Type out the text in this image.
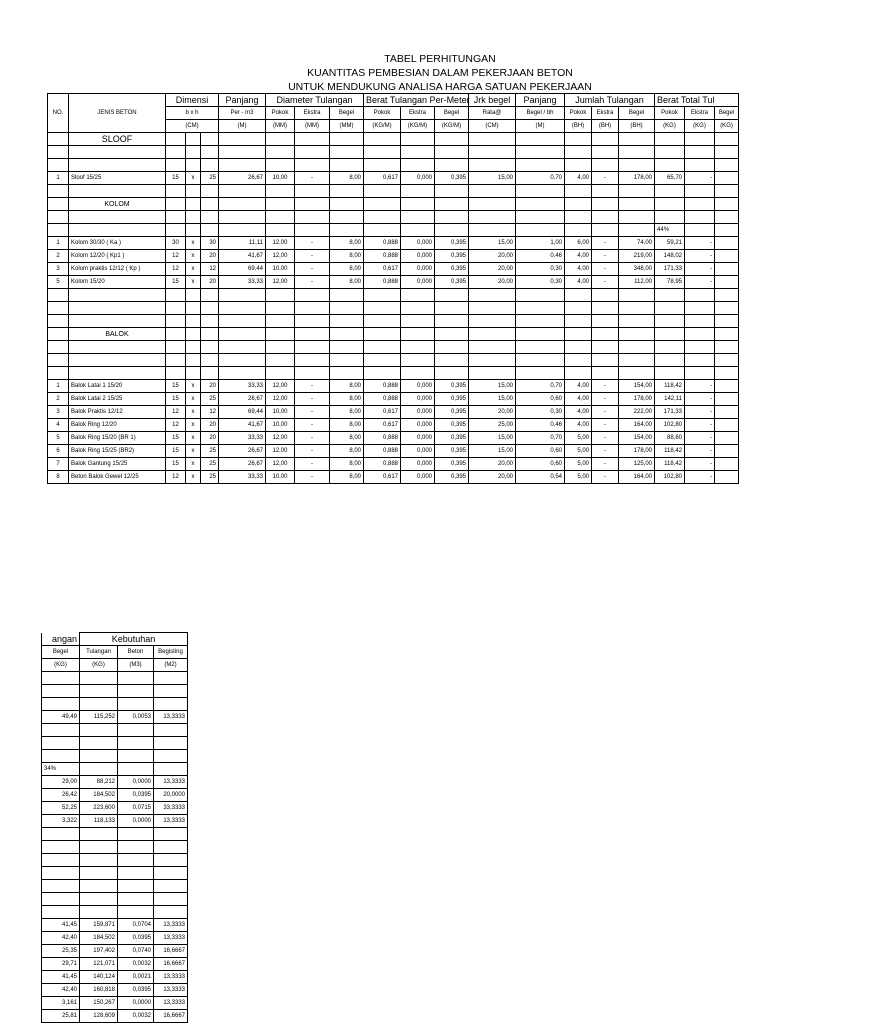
TABEL PERHITUNGAN
KUANTITAS PEMBESIAN DALAM PEKERJAAN BETON
UNTUK MENDUKUNG ANALISA HARGA SATUAN PEKERJAAN
NO.	JENIS BETON	Dimensi			Panjang	Diameter Tulangan			Berat Tulangan Per-Meter			Jrk begel	Panjang	Jumlah Tulangan			Berat Total Tul		
		b x h			Per - m3	Pokok	Ekstra	Begel	Pokok	Ekstra	Begel	Rata@	Begel / bh	Pokok	Ekstra	Begel	Pokok	Ekstra	Begel
		(CM)			(M)	(MM)	(MM)	(MM)	(KG/M)	(KG/M)	(KG/M)	(CM)	(M)	(BH)	(BH)	(BH)	(KG)	(KG)	(KG)
	SLOOF																		

1	Sloof 15/25	15	x	25	26,67	10,00	-	8,00	0,617	0,000	0,395	15,00	0,70	4,00	-	178,00	65,70	-	

	KOLOM																		

																	44%		
1	Kolom 30/30 ( Ka )	30	x	30	11,11	12,00	-	8,00	0,888	0,000	0,395	15,00	1,00	6,00	-	74,00	59,21	-	
2	Kolom 12/20 ( Kp1 )	12	x	20	41,67	12,00	-	8,00	0,888	0,000	0,395	20,00	0,46	4,00	-	219,00	148,02	-	
3	Kolom praktis 12/12 ( Kp )	12	x	12	69,44	10,00	-	8,00	0,617	0,000	0,395	20,00	0,30	4,00	-	348,00	171,33	-	
5	Kolom 15/20	15	x	20	33,33	12,00	-	8,00	0,888	0,000	0,395	20,00	0,30	4,00	-	112,00	78,95	-	

	BALOK																		

1	Balok Latai 1 15/20	15	x	20	33,33	12,00	-	8,00	0,888	0,000	0,395	15,00	0,70	4,00	-	154,00	118,42	-	
2	Balok Latai 2 15/25	15	x	25	26,67	12,00	-	8,00	0,888	0,000	0,395	15,00	0,60	4,00	-	178,00	142,11	-	
3	Balok Praktis 12/12	12	x	12	69,44	10,00	-	8,00	0,617	0,000	0,395	20,00	0,30	4,00	-	222,00	171,33	-	
4	Balok Ring 12/20	12	x	20	41,67	10,00	-	8,00	0,617	0,000	0,395	25,00	0,46	4,00	-	164,00	102,80	-	
5	Balok Ring 15/20 (BR 1)	15	x	20	33,33	12,00	-	8,00	0,888	0,000	0,395	15,00	0,70	5,00	-	154,00	88,60	-	
6	Balok Ring 15/25 (BR2)	15	x	25	26,67	12,00	-	8,00	0,888	0,000	0,395	15,00	0,60	5,00	-	178,00	118,42	-	
7	Balok Gantung 15/25	15	x	25	26,67	12,00	-	8,00	0,888	0,000	0,395	20,00	0,60	5,00	-	125,00	118,42	-	
8	Beton Balok Gewel 12/25	12	x	25	33,33	10,00	-	8,00	0,617	0,000	0,395	20,00	0,54	5,00	-	164,00	102,80	-	
angan	Kebutuhan		
Begel	Tulangan	Beton	Begisting
(KG)	(KG)	(M3)	(M2)

49,49	115,252	0,0053	13,3333

34%			
29,00	88,212	0,0000	13,3333
26,42	184,502	0,0395	20,0000
52,25	223,600	0,0715	33,3333
3,322	118,133	0,0000	13,3333

41,45	159,871	0,0704	13,3333
42,40	184,502	0,0395	13,3333
25,35	197,402	0,0740	16,6667
29,71	121,071	0,0032	16,6667
41,45	140,124	0,0021	13,3333
42,40	160,818	0,0395	13,3333
3,161	150,267	0,0000	13,3333
25,81	128,609	0,0032	16,6667
